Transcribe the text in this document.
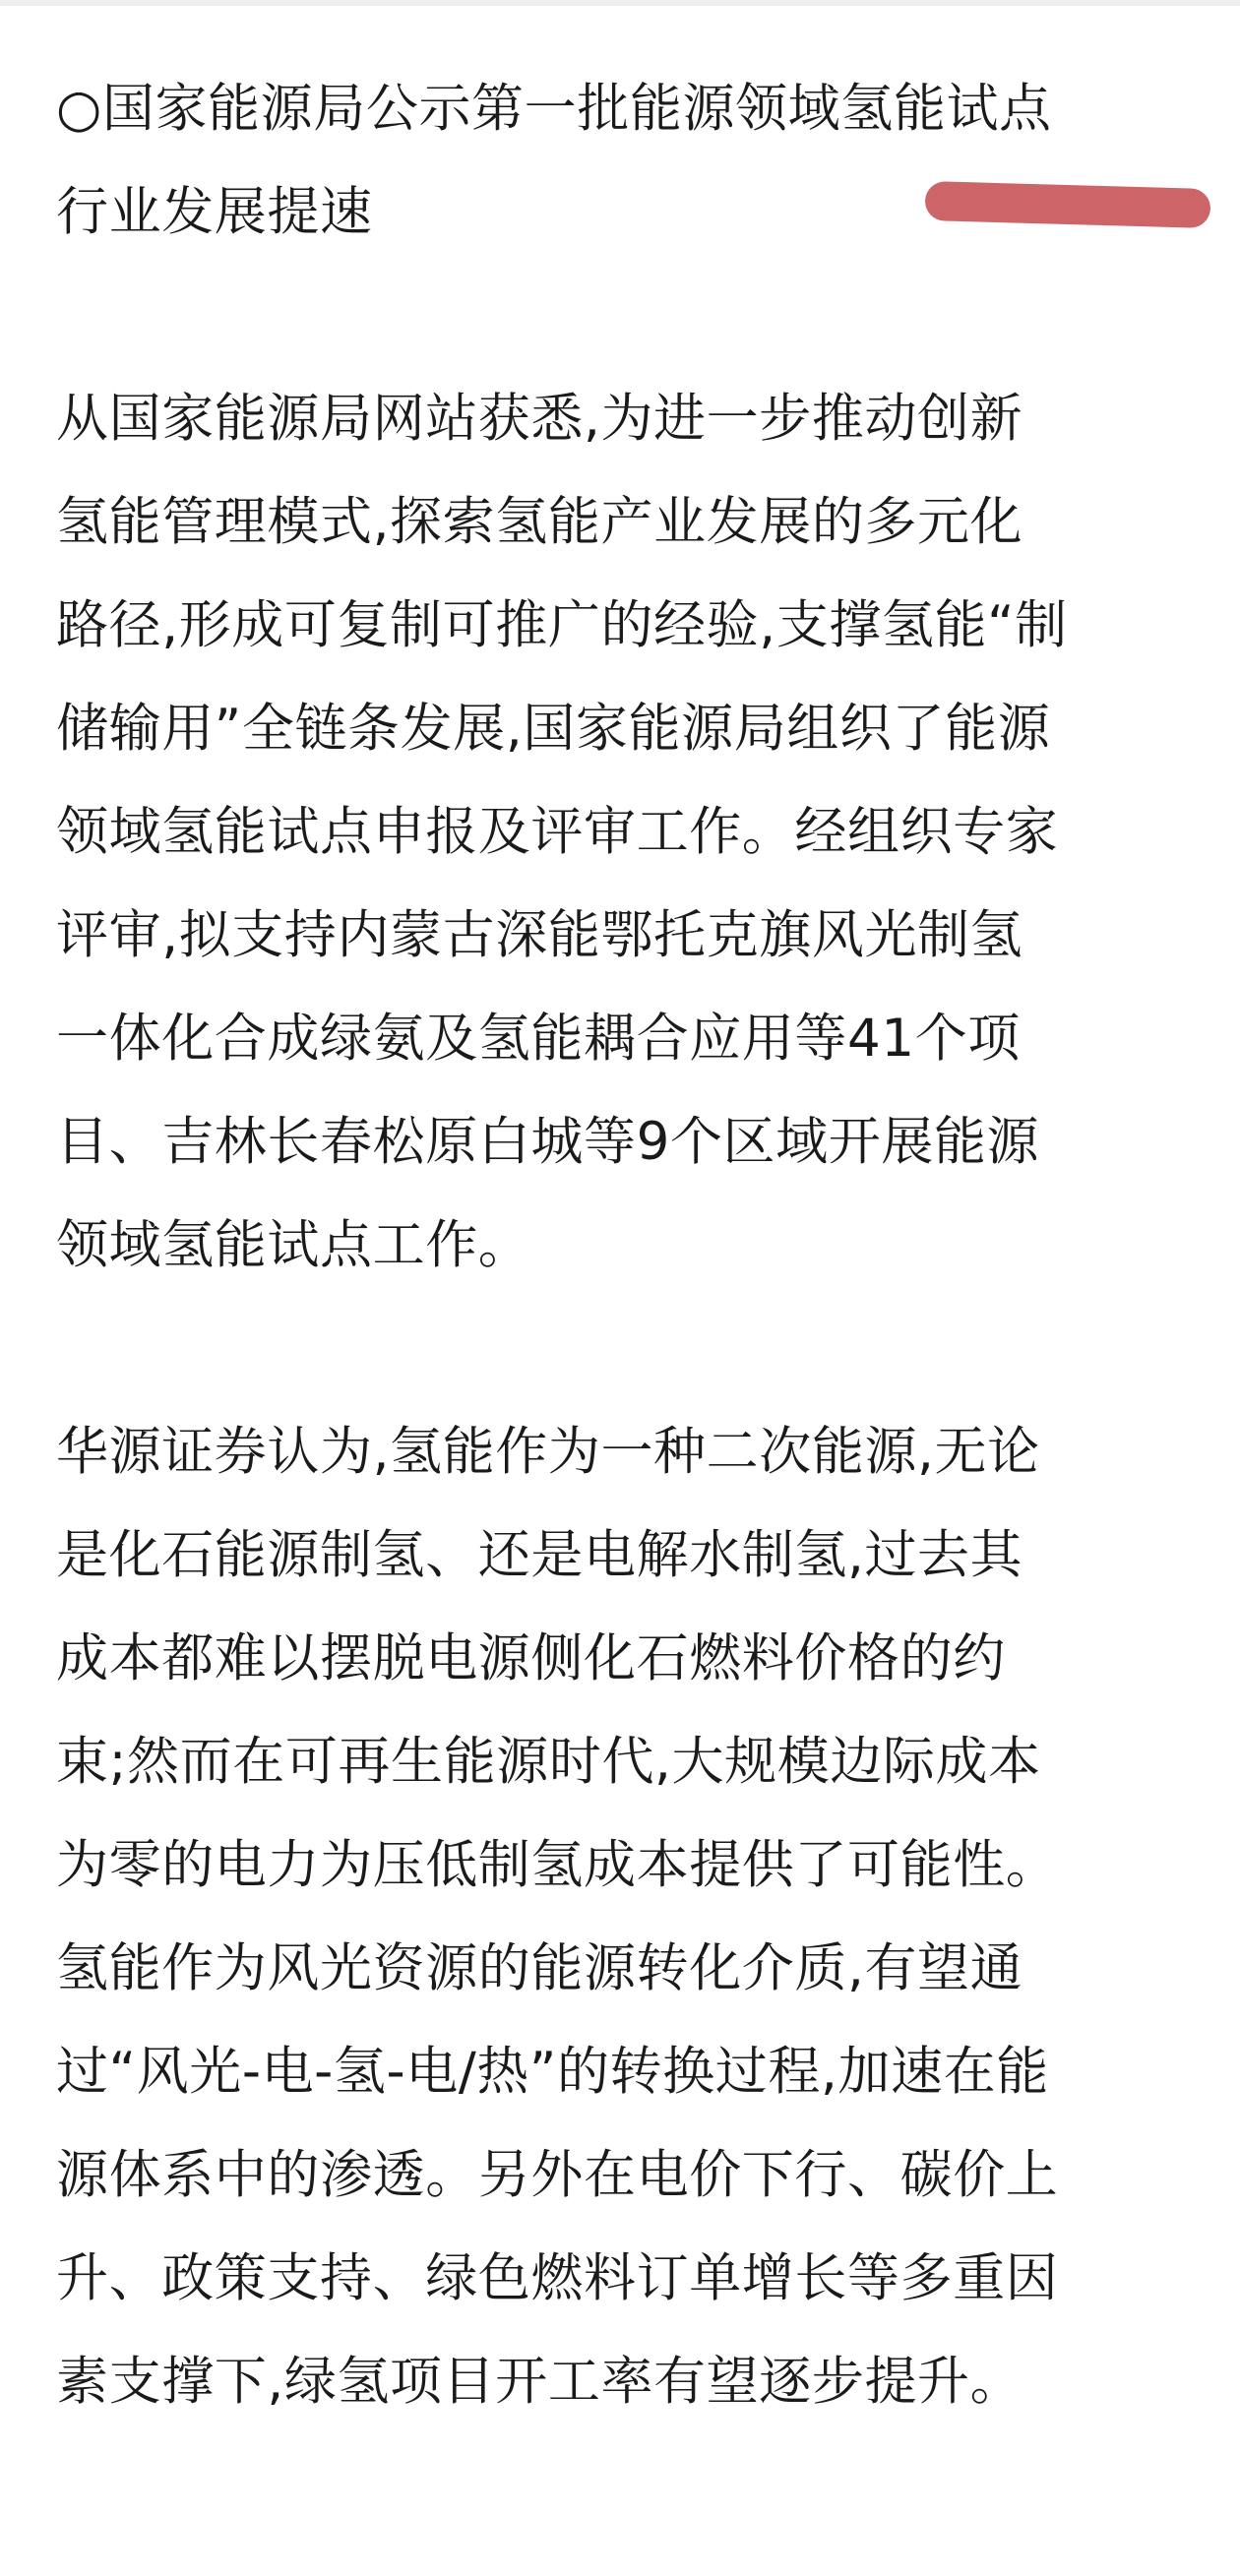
○国家能源局公示第一批能源领域氢能试点
行业发展提速
从国家能源局网站获悉,为进一步推动创新
氢能管理模式,探索氢能产业发展的多元化
路径,形成可复制可推广的经验,支撑氢能“制
储输用”全链条发展,国家能源局组织了能源
领域氢能试点申报及评审工作。经组织专家
评审,拟支持内蒙古深能鄂托克旗风光制氢
一体化合成绿氨及氢能耦合应用等41个项
目、吉林长春松原白城等9个区域开展能源
领域氢能试点工作。
华源证券认为,氢能作为一种二次能源,无论
是化石能源制氢、还是电解水制氢,过去其
成本都难以摆脱电源侧化石燃料价格的约
束;然而在可再生能源时代,大规模边际成本
为零的电力为压低制氢成本提供了可能性。
氢能作为风光资源的能源转化介质,有望通
过“风光-电-氢-电/热”的转换过程,加速在能
源体系中的渗透。另外在电价下行、碳价上
升、政策支持、绿色燃料订单增长等多重因
素支撑下,绿氢项目开工率有望逐步提升。
